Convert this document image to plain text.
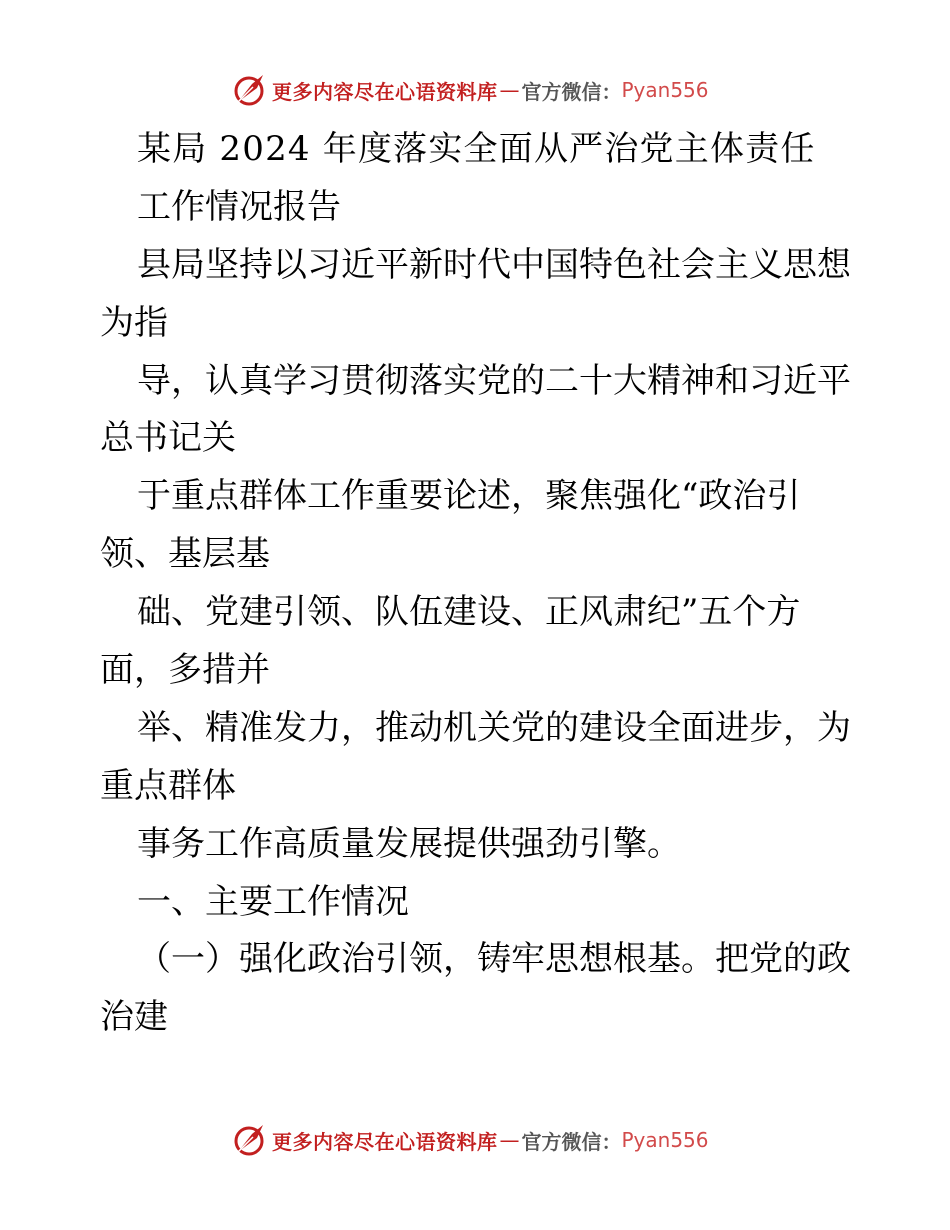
更多内容尽在心语资料库 — 官方微信： Pyan556
某局 2024 年度落实全面从严治党主体责任
工作情况报告
县局坚持以习近平新时代中国特色社会主义思想
为指
导，认真学习贯彻落实党的二十大精神和习近平
总书记关
于重点群体工作重要论述，聚焦强化“政治引
领、基层基
础、党建引领、队伍建设、正风肃纪”五个方
面，多措并
举、精准发力，推动机关党的建设全面进步，为
重点群体
事务工作高质量发展提供强劲引擎。
一、主要工作情况
（一）强化政治引领，铸牢思想根基。把党的政
治建
更多内容尽在心语资料库 — 官方微信： Pyan556
